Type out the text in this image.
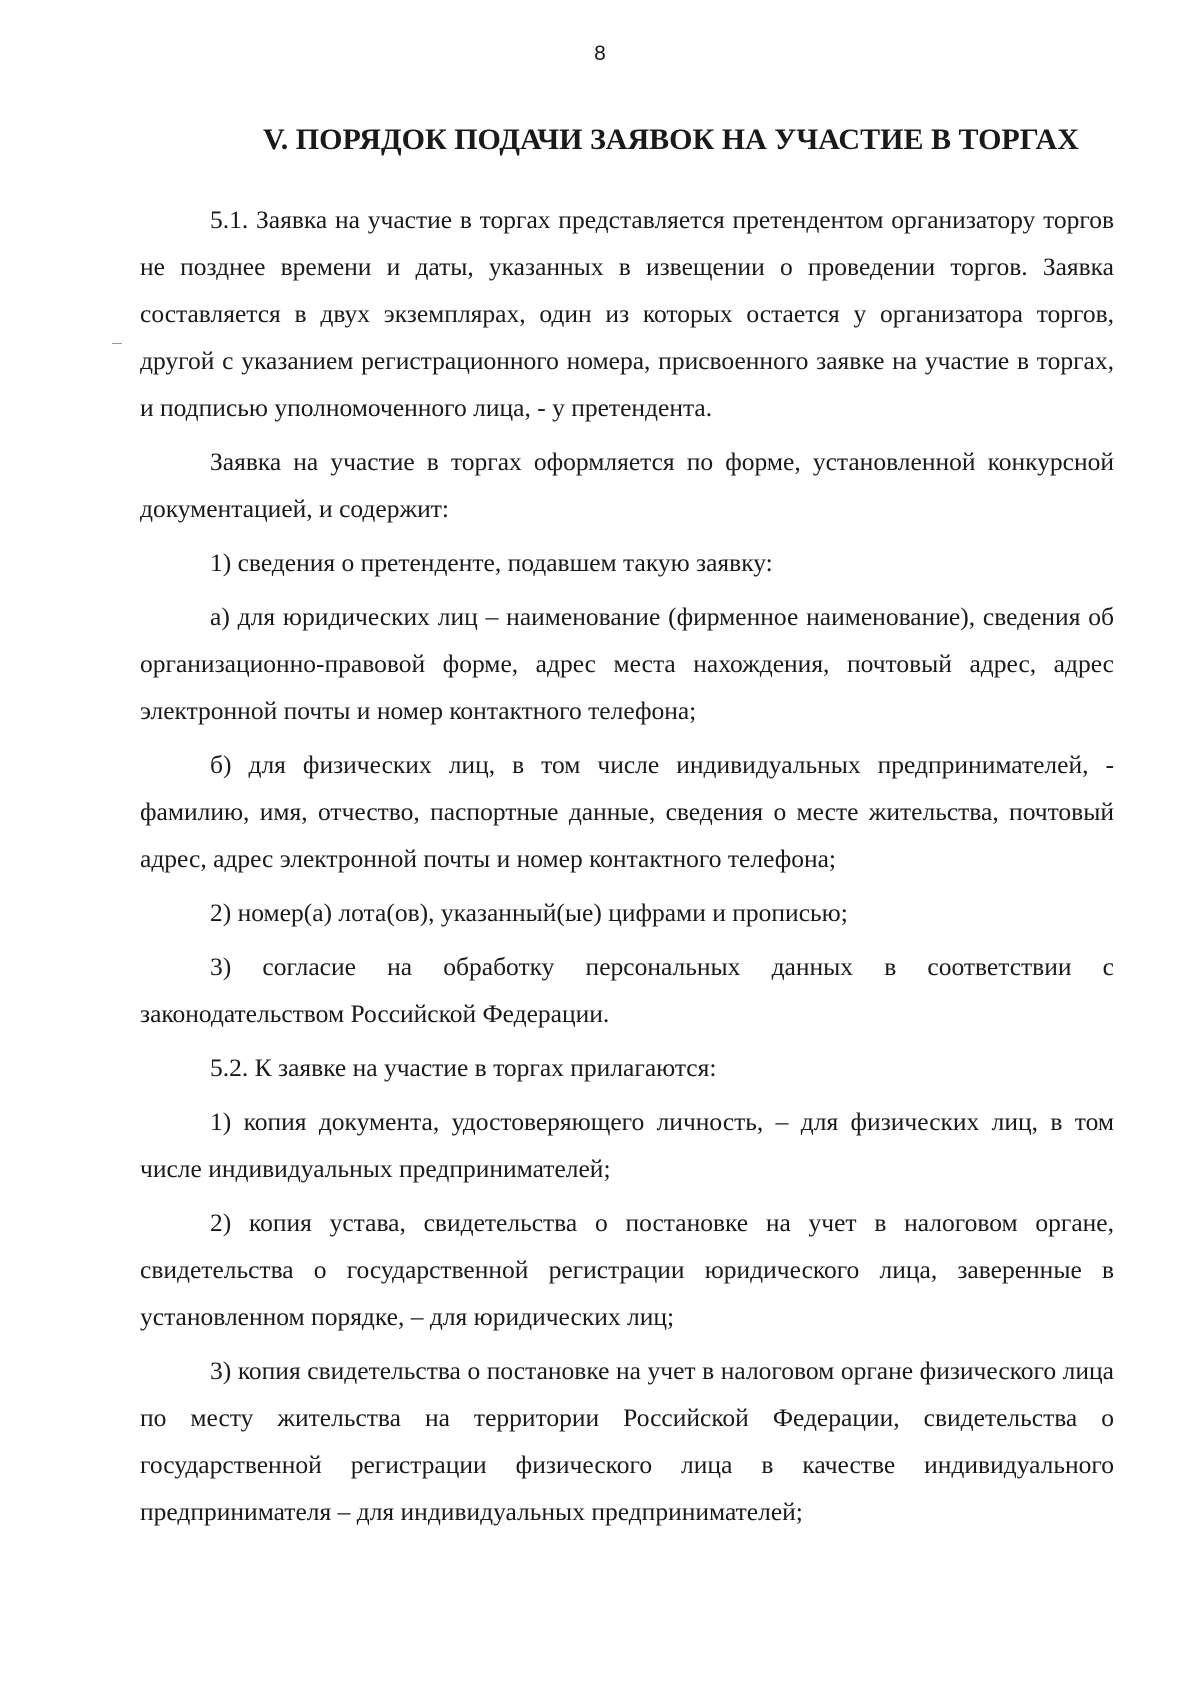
8
V. ПОРЯДОК ПОДАЧИ ЗАЯВОК НА УЧАСТИЕ В ТОРГАХ

5.1. Заявка на участие в торгах представляется претендентом организатору торгов не позднее времени и даты, указанных в извещении о проведении торгов. Заявка составляется в двух экземплярах, один из которых остается у организатора торгов, другой с указанием регистрационного номера, присвоенного заявке на участие в торгах, и подписью уполномоченного лица, - у претендента.

Заявка на участие в торгах оформляется по форме, установленной конкурсной документацией, и содержит:

1) сведения о претенденте, подавшем такую заявку:

а) для юридических лиц – наименование (фирменное наименование), сведения об организационно-правовой форме, адрес места нахождения, почтовый адрес, адрес электронной почты и номер контактного телефона;

б) для физических лиц, в том числе индивидуальных предпринимателей, - фамилию, имя, отчество, паспортные данные, сведения о месте жительства, почтовый адрес, адрес электронной почты и номер контактного телефона;

2) номер(а) лота(ов), указанный(ые) цифрами и прописью;

3) согласие на обработку персональных данных в соответствии с законодательством Российской Федерации.

5.2. К заявке на участие в торгах прилагаются:

1) копия документа, удостоверяющего личность, – для физических лиц, в том числе индивидуальных предпринимателей;

2) копия устава, свидетельства о постановке на учет в налоговом органе, свидетельства о государственной регистрации юридического лица, заверенные в установленном порядке, – для юридических лиц;

3) копия свидетельства о постановке на учет в налоговом органе физического лица по месту жительства на территории Российской Федерации, свидетельства о государственной регистрации физического лица в качестве индивидуального предпринимателя – для индивидуальных предпринимателей;
